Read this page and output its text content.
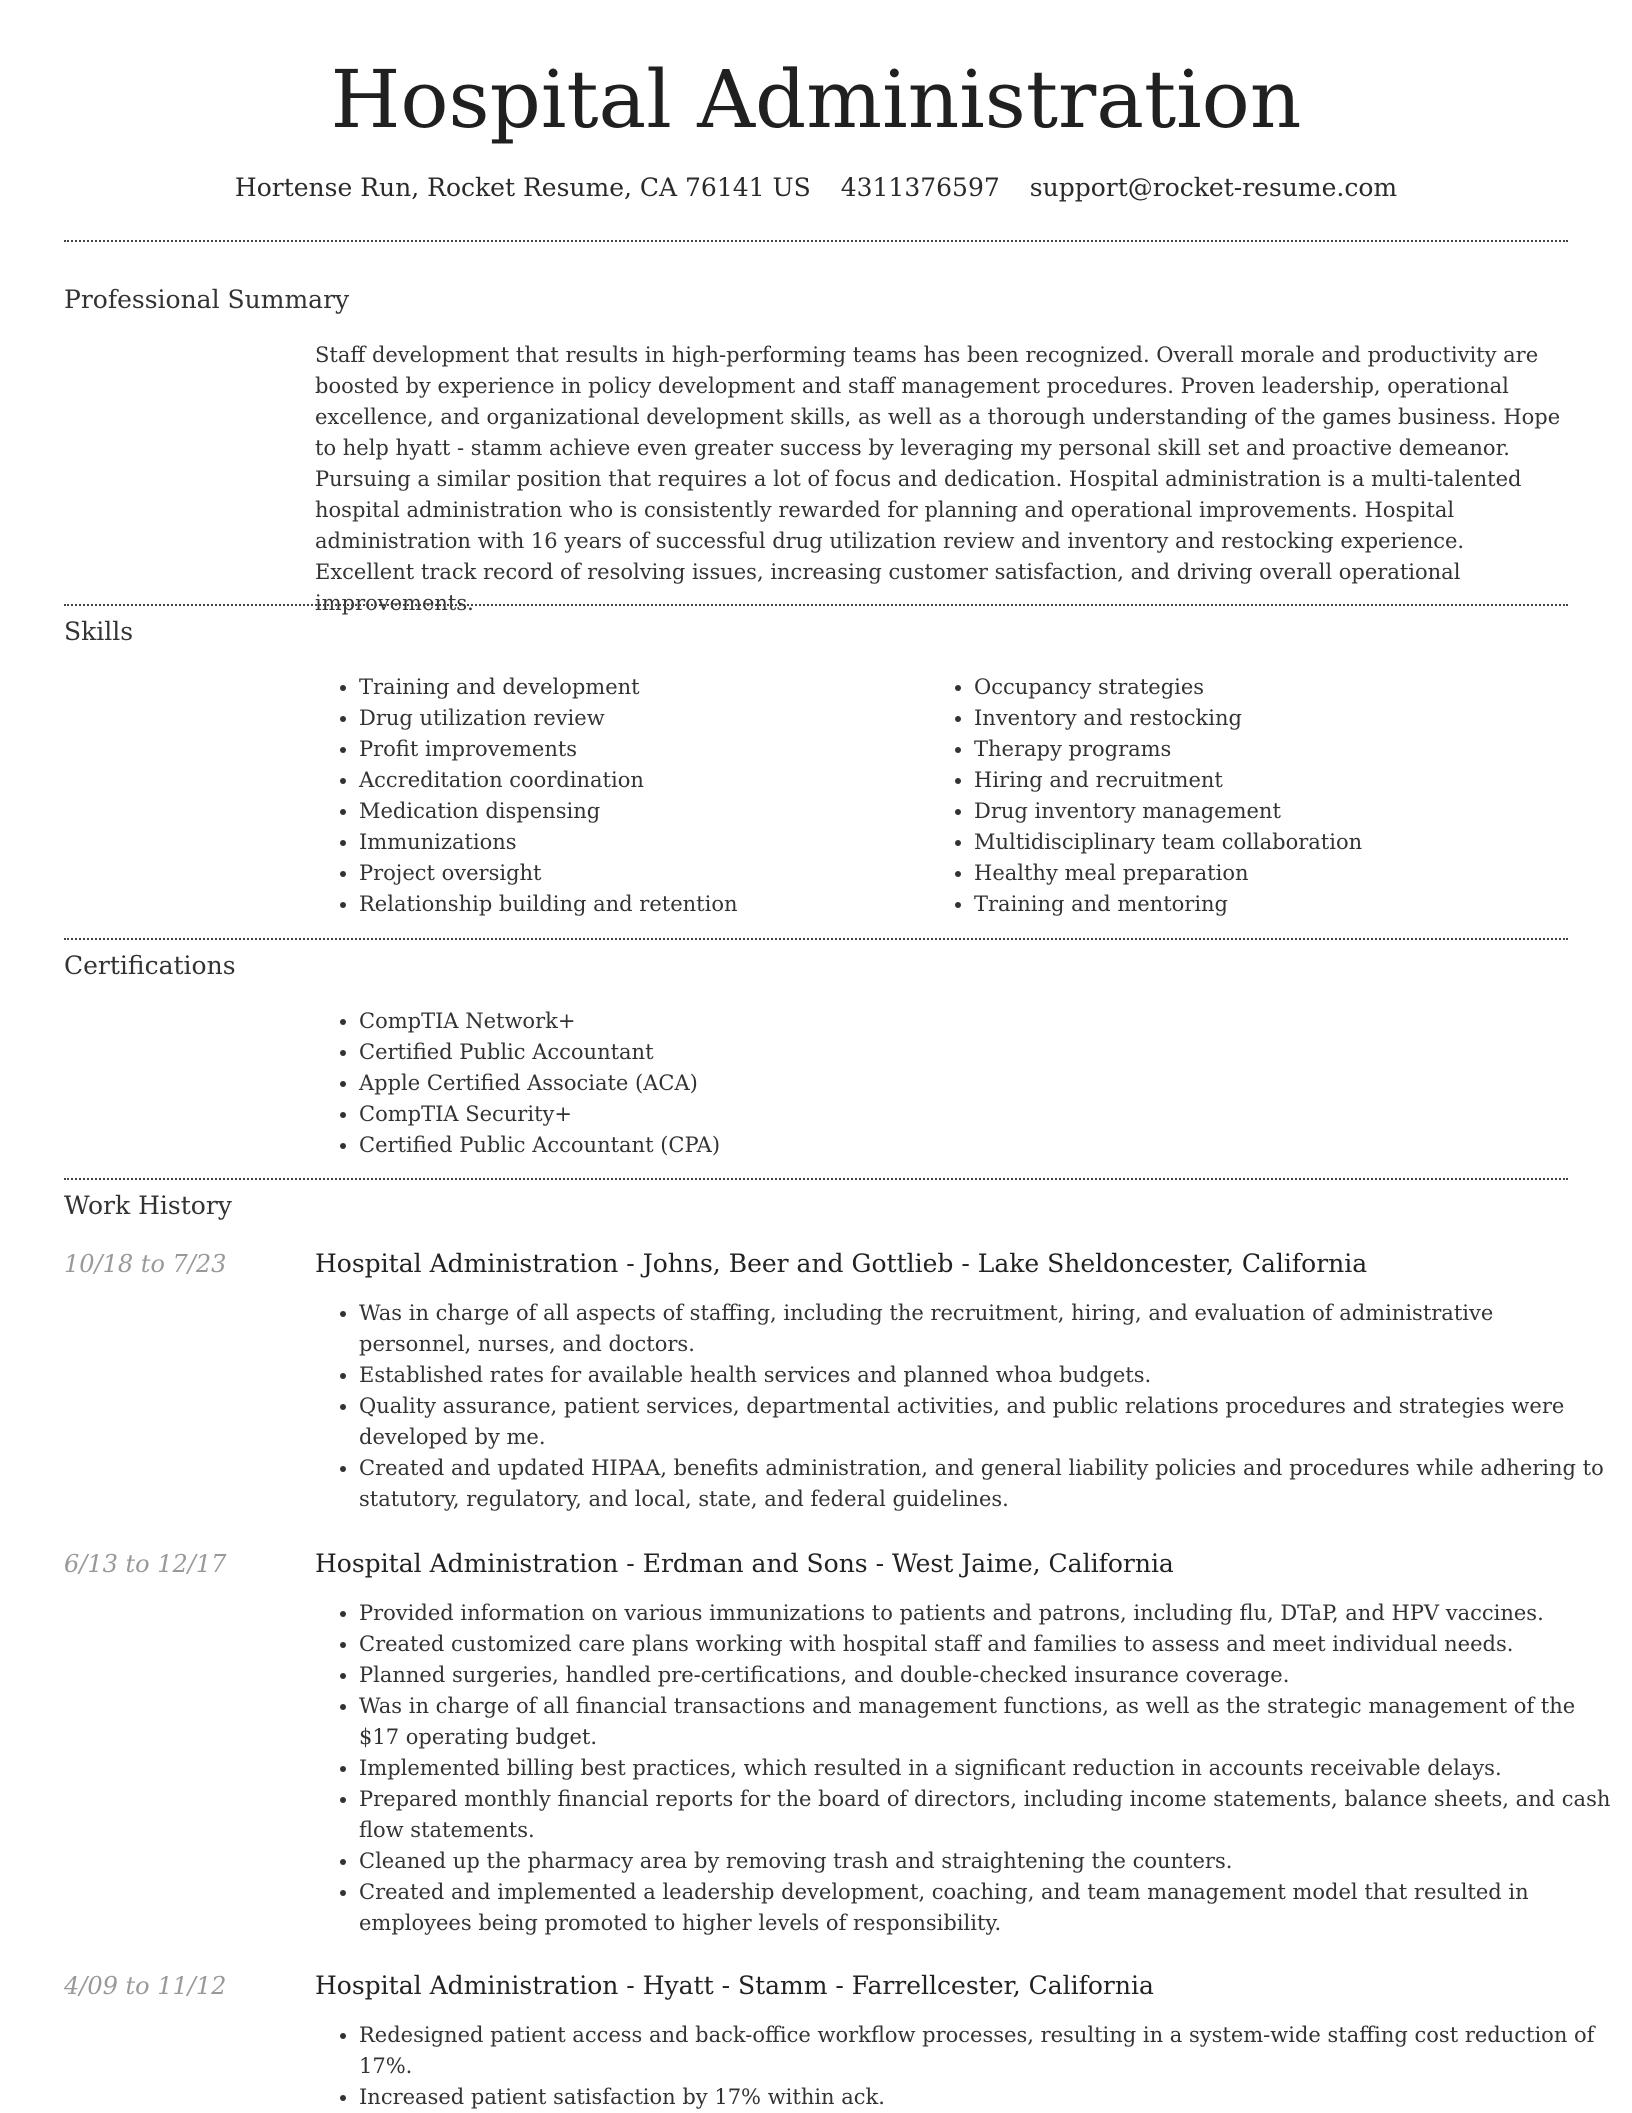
Hospital Administration

Hortense Run, Rocket Resume, CA 76141 US 4311376597 support@rocket-resume.com

Professional Summary

Staff development that results in high-performing teams has been recognized. Overall morale and productivity are boosted by experience in policy development and staff management procedures. Proven leadership, operational excellence, and organizational development skills, as well as a thorough understanding of the games business. Hope to help hyatt - stamm achieve even greater success by leveraging my personal skill set and proactive demeanor. Pursuing a similar position that requires a lot of focus and dedication. Hospital administration is a multi-talented hospital administration who is consistently rewarded for planning and operational improvements. Hospital administration with 16 years of successful drug utilization review and inventory and restocking experience. Excellent track record of resolving issues, increasing customer satisfaction, and driving overall operational improvements.

Skills
• Training and development
• Drug utilization review
• Profit improvements
• Accreditation coordination
• Medication dispensing
• Immunizations
• Project oversight
• Relationship building and retention
• Occupancy strategies
• Inventory and restocking
• Therapy programs
• Hiring and recruitment
• Drug inventory management
• Multidisciplinary team collaboration
• Healthy meal preparation
• Training and mentoring
Certifications
• CompTIA Network+
• Certified Public Accountant
• Apple Certified Associate (ACA)
• CompTIA Security+
• Certified Public Accountant (CPA)
Work History
10/18 to 7/23	Hospital Administration - Johns, Beer and Gottlieb - Lake Sheldoncester, California
• Was in charge of all aspects of staffing, including the recruitment, hiring, and evaluation of administrative personnel, nurses, and doctors.
• Established rates for available health services and planned whoa budgets.
• Quality assurance, patient services, departmental activities, and public relations procedures and strategies were developed by me.
• Created and updated HIPAA, benefits administration, and general liability policies and procedures while adhering to statutory, regulatory, and local, state, and federal guidelines.
6/13 to 12/17	Hospital Administration - Erdman and Sons - West Jaime, California
• Provided information on various immunizations to patients and patrons, including flu, DTaP, and HPV vaccines.
• Created customized care plans working with hospital staff and families to assess and meet individual needs.
• Planned surgeries, handled pre-certifications, and double-checked insurance coverage.
• Was in charge of all financial transactions and management functions, as well as the strategic management of the $17 operating budget.
• Implemented billing best practices, which resulted in a significant reduction in accounts receivable delays.
• Prepared monthly financial reports for the board of directors, including income statements, balance sheets, and cash flow statements.
• Cleaned up the pharmacy area by removing trash and straightening the counters.
• Created and implemented a leadership development, coaching, and team management model that resulted in employees being promoted to higher levels of responsibility.
4/09 to 11/12	Hospital Administration - Hyatt - Stamm - Farrellcester, California
• Redesigned patient access and back-office workflow processes, resulting in a system-wide staffing cost reduction of 17%.
• Increased patient satisfaction by 17% within ack.
